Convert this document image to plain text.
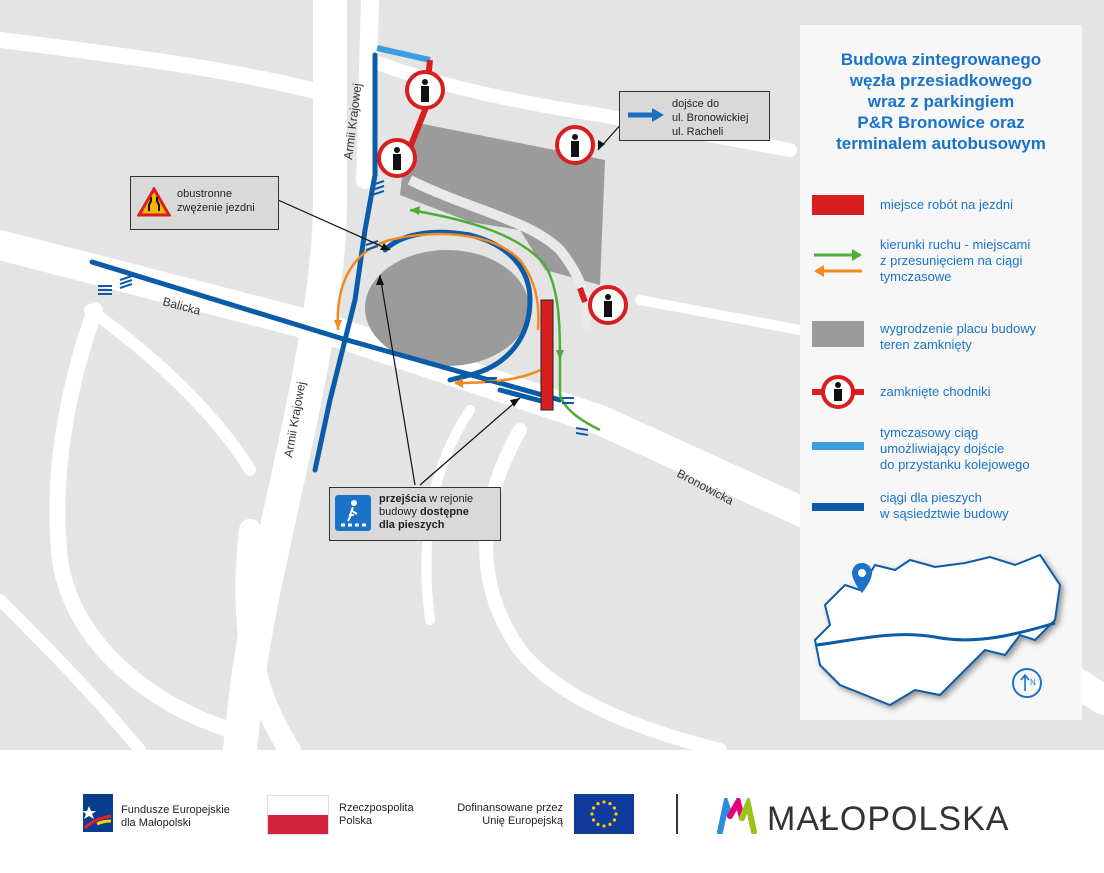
Armii Krajowej
Armii Krajowej
Balicka
Bronowicka
obustronne
zwężenie jezdni
dojśce do
ul. Bronowickiej
ul. Racheli
przejścia w rejonie
budowy dostępne
dla pieszych
Budowa zintegrowanego
węzła przesiadkowego
wraz z parkingiem
P&R Bronowice oraz
terminalem autobusowym
miejsce robót na jezdni
kierunki ruchu - miejscami
z przesunięciem na ciągi
tymczasowe
wygrodzenie placu budowy
teren zamknięty
zamknięte chodniki
tymczasowy ciąg
umożliwiający dojście
do przystanku kolejowego
ciągi dla pieszych
w sąsiedztwie budowy
N
Fundusze Europejskie
dla Małopolski
Rzeczpospolita
Polska
Dofinansowane przez
Unię Europejską	MAŁOPOLSKA
